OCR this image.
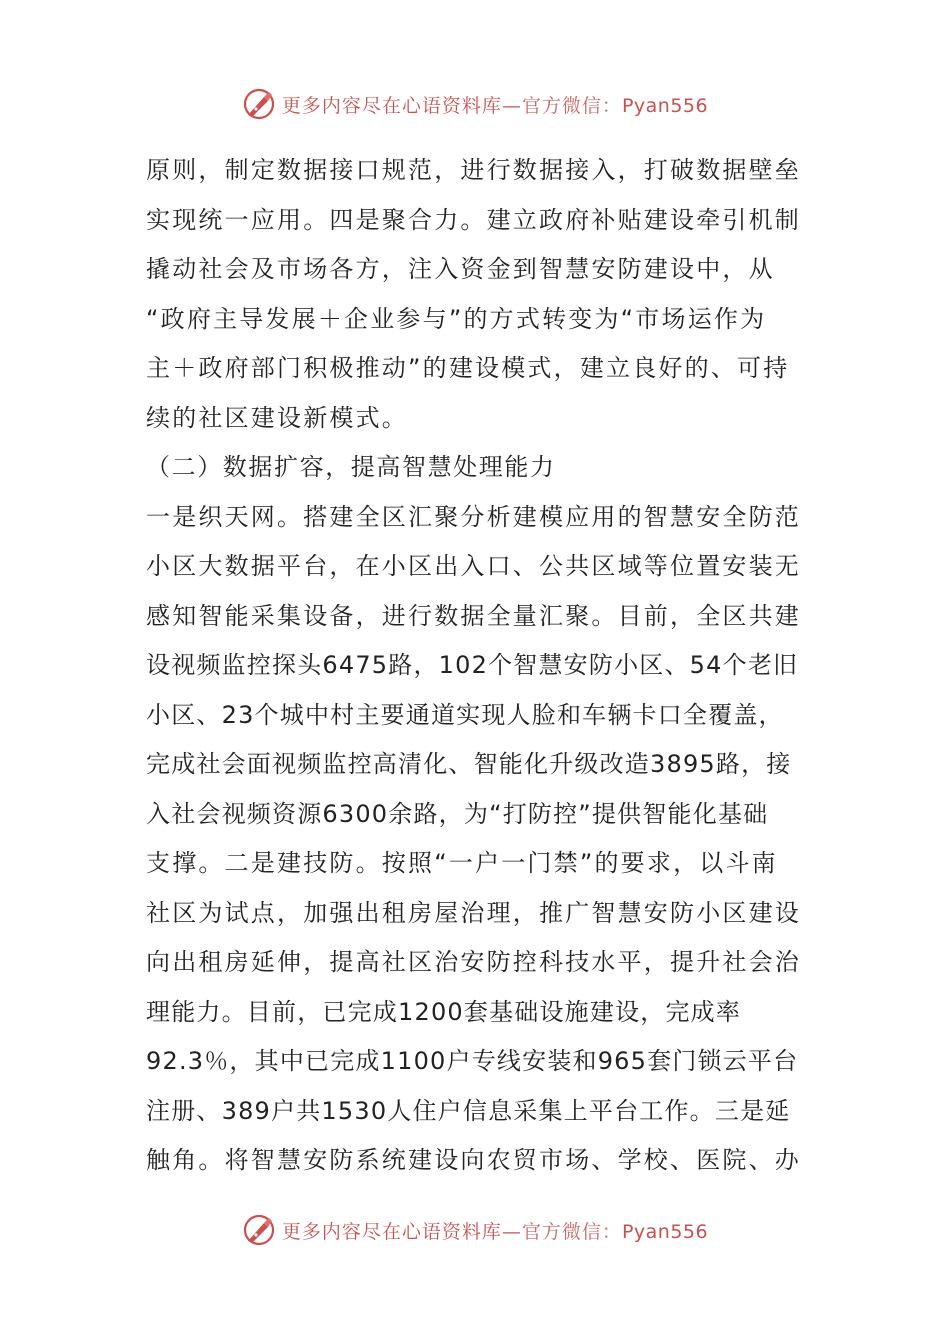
更多内容尽在心语资料库—官方微信：Pyan556
原则，制定数据接口规范，进行数据接入，打破数据壁垒
实现统一应用。四是聚合力。建立政府补贴建设牵引机制
撬动社会及市场各方，注入资金到智慧安防建设中，从
“政府主导发展＋企业参与”的方式转变为“市场运作为
主＋政府部门积极推动”的建设模式，建立良好的、可持
续的社区建设新模式。
（二）数据扩容，提高智慧处理能力
一是织天网。搭建全区汇聚分析建模应用的智慧安全防范
小区大数据平台，在小区出入口、公共区域等位置安装无
感知智能采集设备，进行数据全量汇聚。目前，全区共建
设视频监控探头6475路，102个智慧安防小区、54个老旧
小区、23个城中村主要通道实现人脸和车辆卡口全覆盖，
完成社会面视频监控高清化、智能化升级改造3895路，接
入社会视频资源6300余路，为“打防控”提供智能化基础
支撑。二是建技防。按照“一户一门禁”的要求，以斗南
社区为试点，加强出租房屋治理，推广智慧安防小区建设
向出租房延伸，提高社区治安防控科技水平，提升社会治
理能力。目前，已完成1200套基础设施建设，完成率
92.3％，其中已完成1100户专线安装和965套门锁云平台
注册、389户共1530人住户信息采集上平台工作。三是延
触角。将智慧安防系统建设向农贸市场、学校、医院、办
更多内容尽在心语资料库—官方微信：Pyan556
